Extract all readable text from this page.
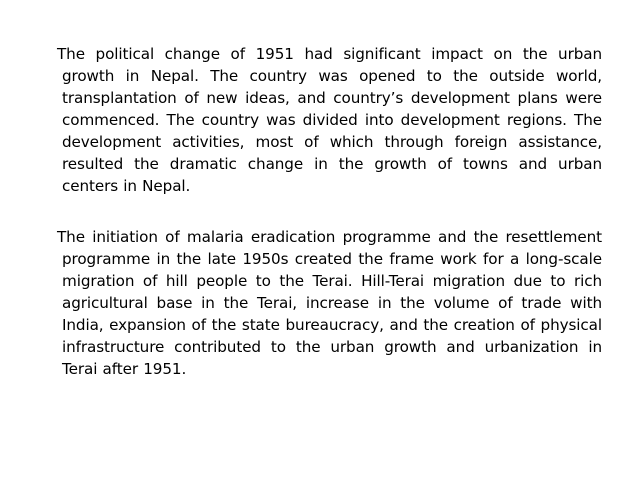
The political change of 1951 had significant impact on the urban growth in Nepal. The country was opened to the outside world, transplantation of new ideas, and country’s development plans were commenced. The country was divided into development regions. The development activities, most of which through foreign assistance, resulted the dramatic change in the growth of towns and urban centers in Nepal.

The initiation of malaria eradication programme and the resettlement programme in the late 1950s created the frame work for a long-scale migration of hill people to the Terai. Hill-Terai migration due to rich agricultural base in the Terai, increase in the volume of trade with India, expansion of the state bureaucracy, and the creation of physical infrastructure contributed to the urban growth and urbanization in Terai after 1951.
